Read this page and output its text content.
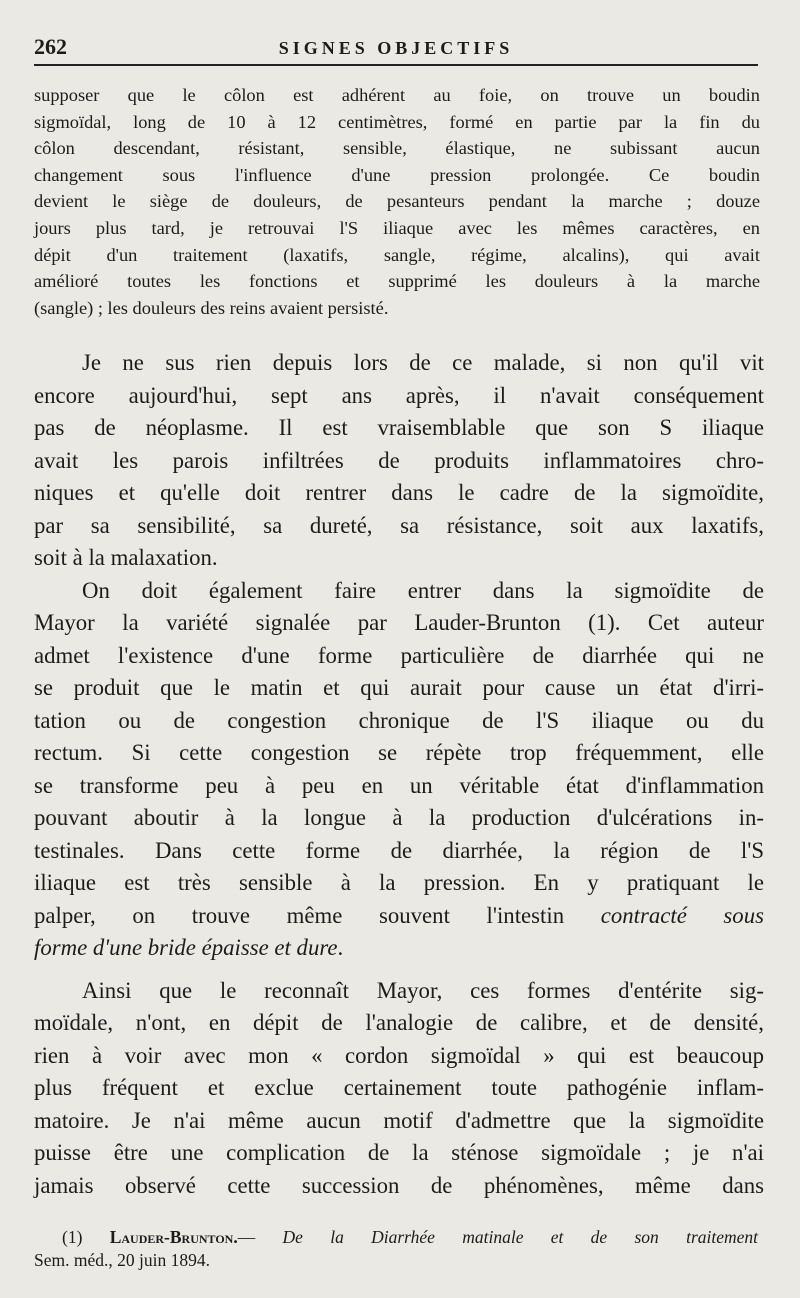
262	SIGNES OBJECTIFS
supposer que le côlon est adhérent au foie, on trouve un boudin
sigmoïdal, long de 10 à 12 centimètres, formé en partie par la fin du
côlon descendant, résistant, sensible, élastique, ne subissant aucun
changement sous l'influence d'une pression prolongée. Ce boudin
devient le siège de douleurs, de pesanteurs pendant la marche ; douze
jours plus tard, je retrouvai l'S iliaque avec les mêmes caractères, en
dépit d'un traitement (laxatifs, sangle, régime, alcalins), qui avait
amélioré toutes les fonctions et supprimé les douleurs à la marche
(sangle) ; les douleurs des reins avaient persisté.
Je ne sus rien depuis lors de ce malade, si non qu'il vit
encore aujourd'hui, sept ans après, il n'avait conséquement
pas de néoplasme. Il est vraisemblable que son S iliaque
avait les parois infiltrées de produits inflammatoires chro-
niques et qu'elle doit rentrer dans le cadre de la sigmoïdite,
par sa sensibilité, sa dureté, sa résistance, soit aux laxatifs,
soit à la malaxation.
On doit également faire entrer dans la sigmoïdite de
Mayor la variété signalée par Lauder-Brunton (1). Cet auteur
admet l'existence d'une forme particulière de diarrhée qui ne
se produit que le matin et qui aurait pour cause un état d'irri-
tation ou de congestion chronique de l'S iliaque ou du
rectum. Si cette congestion se répète trop fréquemment, elle
se transforme peu à peu en un véritable état d'inflammation
pouvant aboutir à la longue à la production d'ulcérations in-
testinales. Dans cette forme de diarrhée, la région de l'S
iliaque est très sensible à la pression. En y pratiquant le
palper, on trouve même souvent l'intestin contracté sous
forme d'une bride épaisse et dure.
Ainsi que le reconnaît Mayor, ces formes d'entérite sig-
moïdale, n'ont, en dépit de l'analogie de calibre, et de densité,
rien à voir avec mon « cordon sigmoïdal » qui est beaucoup
plus fréquent et exclue certainement toute pathogénie inflam-
matoire. Je n'ai même aucun motif d'admettre que la sigmoïdite
puisse être une complication de la sténose sigmoïdale ; je n'ai
jamais observé cette succession de phénomènes, même dans
(1) Lauder-Brunton.— De la Diarrhée matinale et de son traitement
Sem. méd., 20 juin 1894.
